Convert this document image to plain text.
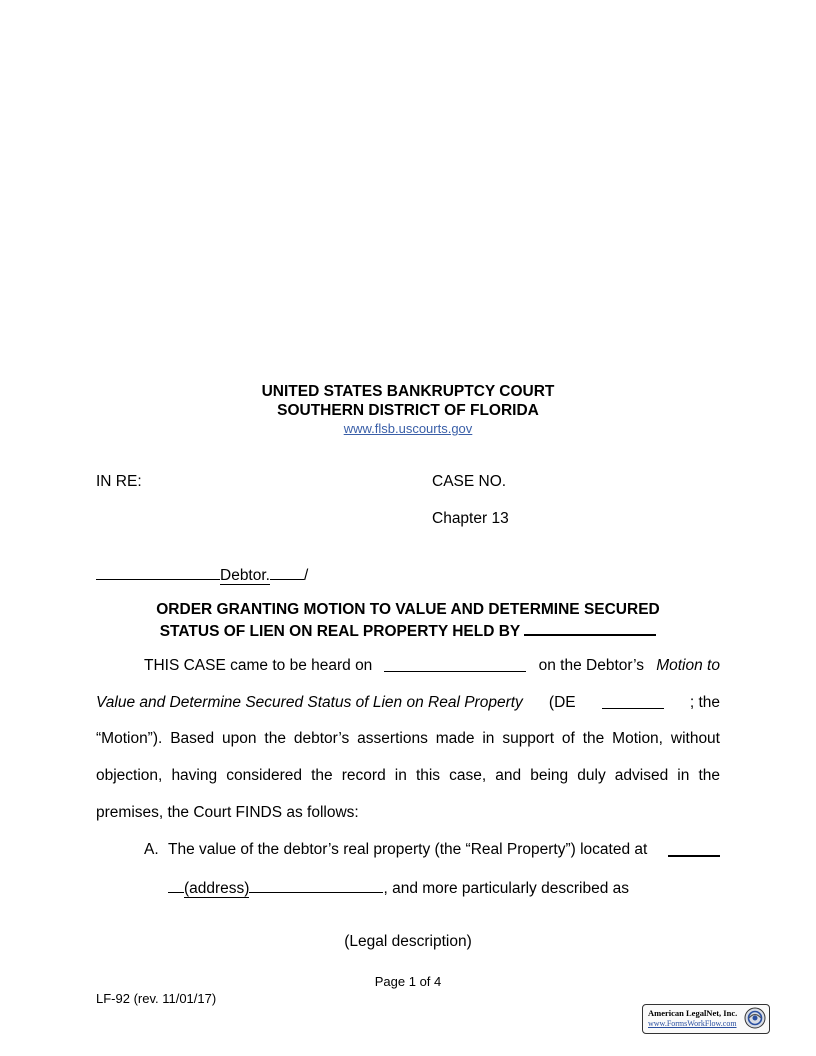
UNITED STATES BANKRUPTCY COURT
SOUTHERN DISTRICT OF FLORIDA
www.flsb.uscourts.gov
IN RE:	CASE NO.
Chapter 13
Debtor. /
ORDER GRANTING MOTION TO VALUE AND DETERMINE SECURED
STATUS OF LIEN ON REAL PROPERTY HELD BY
THIS CASE came to be heard on	on the Debtor’s Motion to
Value and Determine Secured Status of Lien on Real Property (DE	; the
“Motion”). Based upon the debtor’s assertions made in support of the Motion, without
objection, having considered the record in this case, and being duly advised in the
premises, the Court FINDS as follows:
A. The value of the debtor’s real property (the “Real Property”) located at
(address)	, and more particularly described as
(Legal description)
Page 1 of 4
LF-92 (rev. 11/01/17)
American LegalNet, Inc.
www.FormsWorkFlow.com
